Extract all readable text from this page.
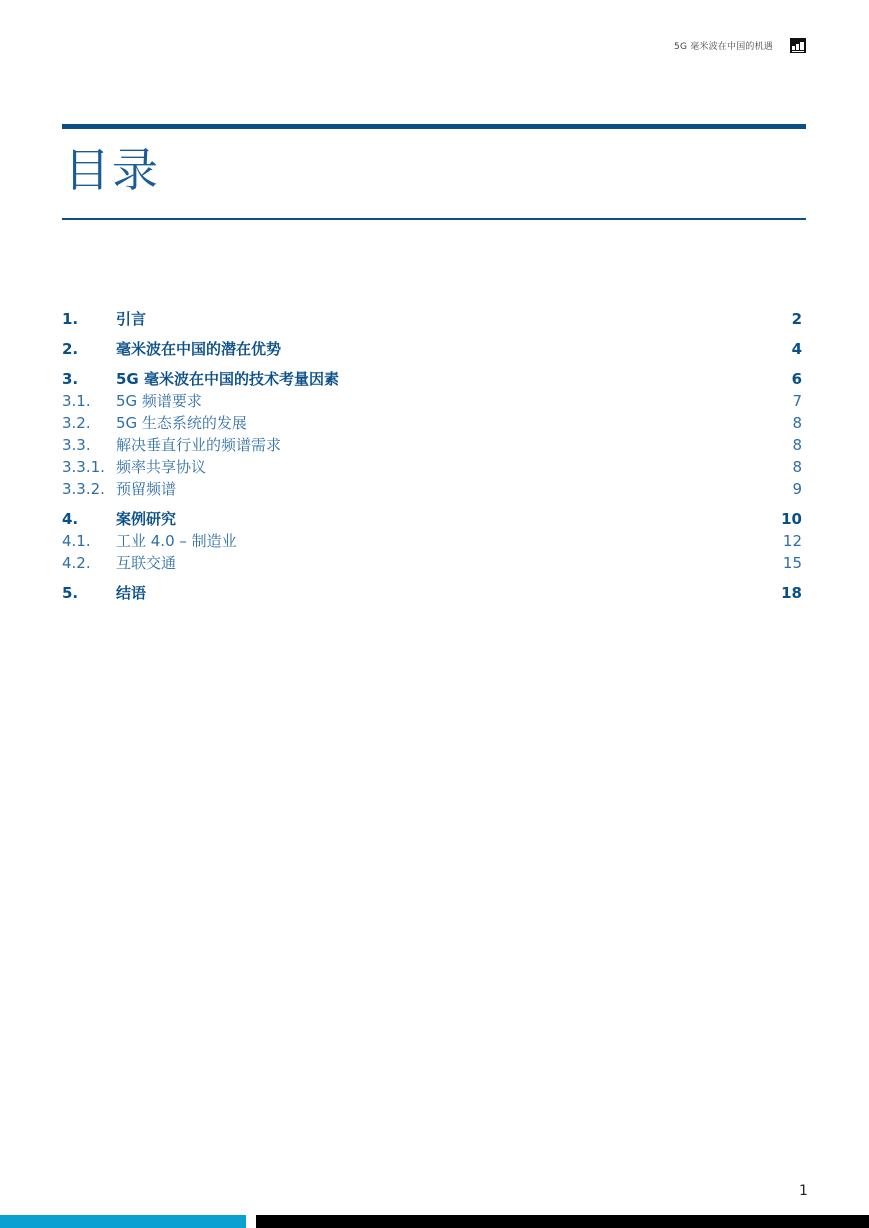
5G 毫米波在中国的机遇
目录
1.	引言	2
2.	毫米波在中国的潜在优势	4
3.	5G 毫米波在中国的技术考量因素	6
3.1. 5G 频谱要求	7
3.2. 5G 生态系统的发展	8
3.3. 解决垂直行业的频谱需求	8
3.3.1. 频率共享协议	8
3.3.2. 预留频谱	9
4.	案例研究	10
4.1. 工业 4.0 – 制造业	12
4.2. 互联交通	15
5.	结语	18
1
